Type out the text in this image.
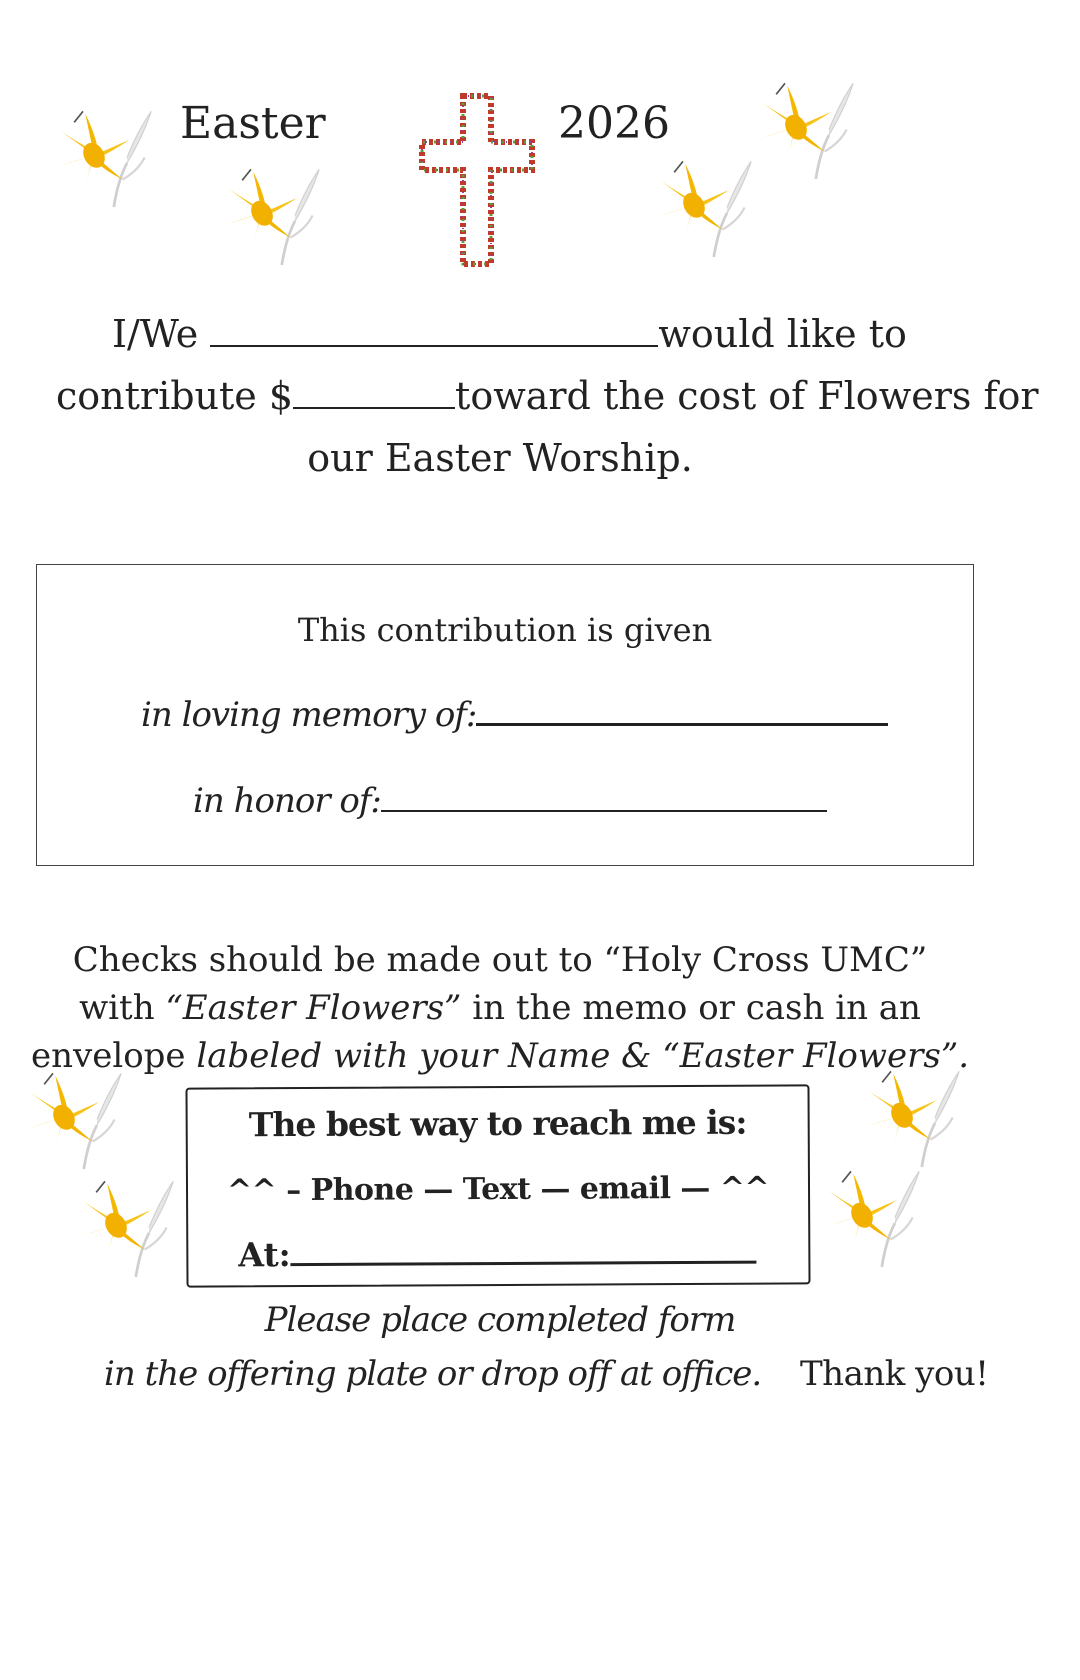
Easter	2026
I/We	would like to
contribute $	toward the cost of Flowers for
our Easter Worship.
This contribution is given
in loving memory of:
in honor of:
Checks should be made out to “Holy Cross UMC”
with “Easter Flowers” in the memo or cash in an
envelope labeled with your Name & “Easter Flowers”.
The best way to reach me is:
^^ – Phone — Text — email — ^^
At:
Please place completed form
in the offering plate or drop off at office. Thank you!
